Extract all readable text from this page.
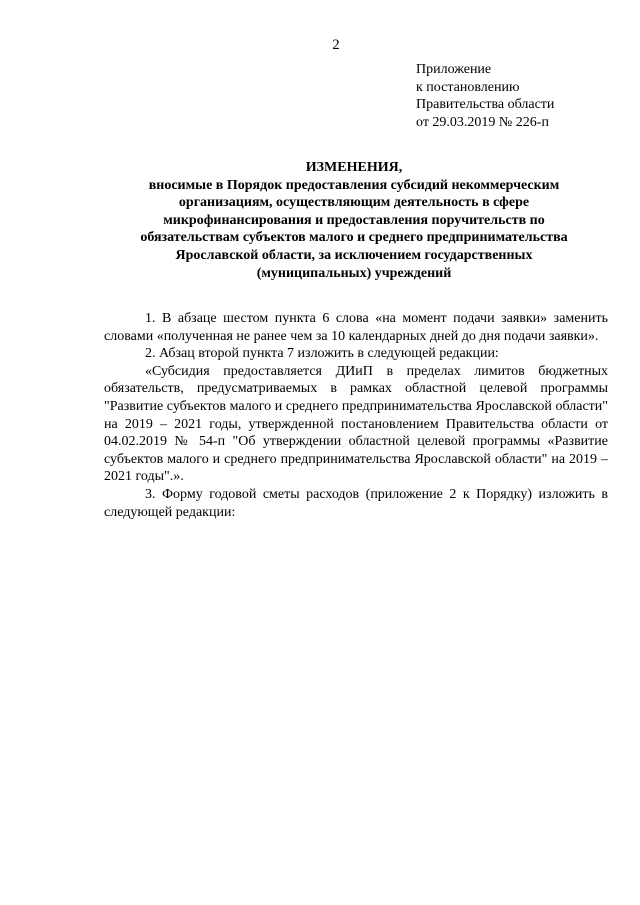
2
Приложение
к постановлению
Правительства области
от 29.03.2019 № 226-п
ИЗМЕНЕНИЯ,
вносимые в Порядок предоставления субсидий некоммерческим
организациям, осуществляющим деятельность в сфере
микрофинансирования и предоставления поручительств по
обязательствам субъектов малого и среднего предпринимательства
Ярославской области, за исключением государственных
(муниципальных) учреждений

1. В абзаце шестом пункта 6 слова «на момент подачи заявки» заменить словами «полученная не ранее чем за 10 календарных дней до дня подачи заявки».

2. Абзац второй пункта 7 изложить в следующей редакции:

«Субсидия предоставляется ДИиП в пределах лимитов бюджетных обязательств, предусматриваемых в рамках областной целевой программы "Развитие субъектов малого и среднего предпринимательства Ярославской области" на 2019 – 2021 годы, утвержденной постановлением Правительства области от 04.02.2019 № 54-п "Об утверждении областной целевой программы «Развитие субъектов малого и среднего предпринимательства Ярославской области" на 2019 – 2021 годы".».

3. Форму годовой сметы расходов (приложение 2 к Порядку) изложить в следующей редакции:
